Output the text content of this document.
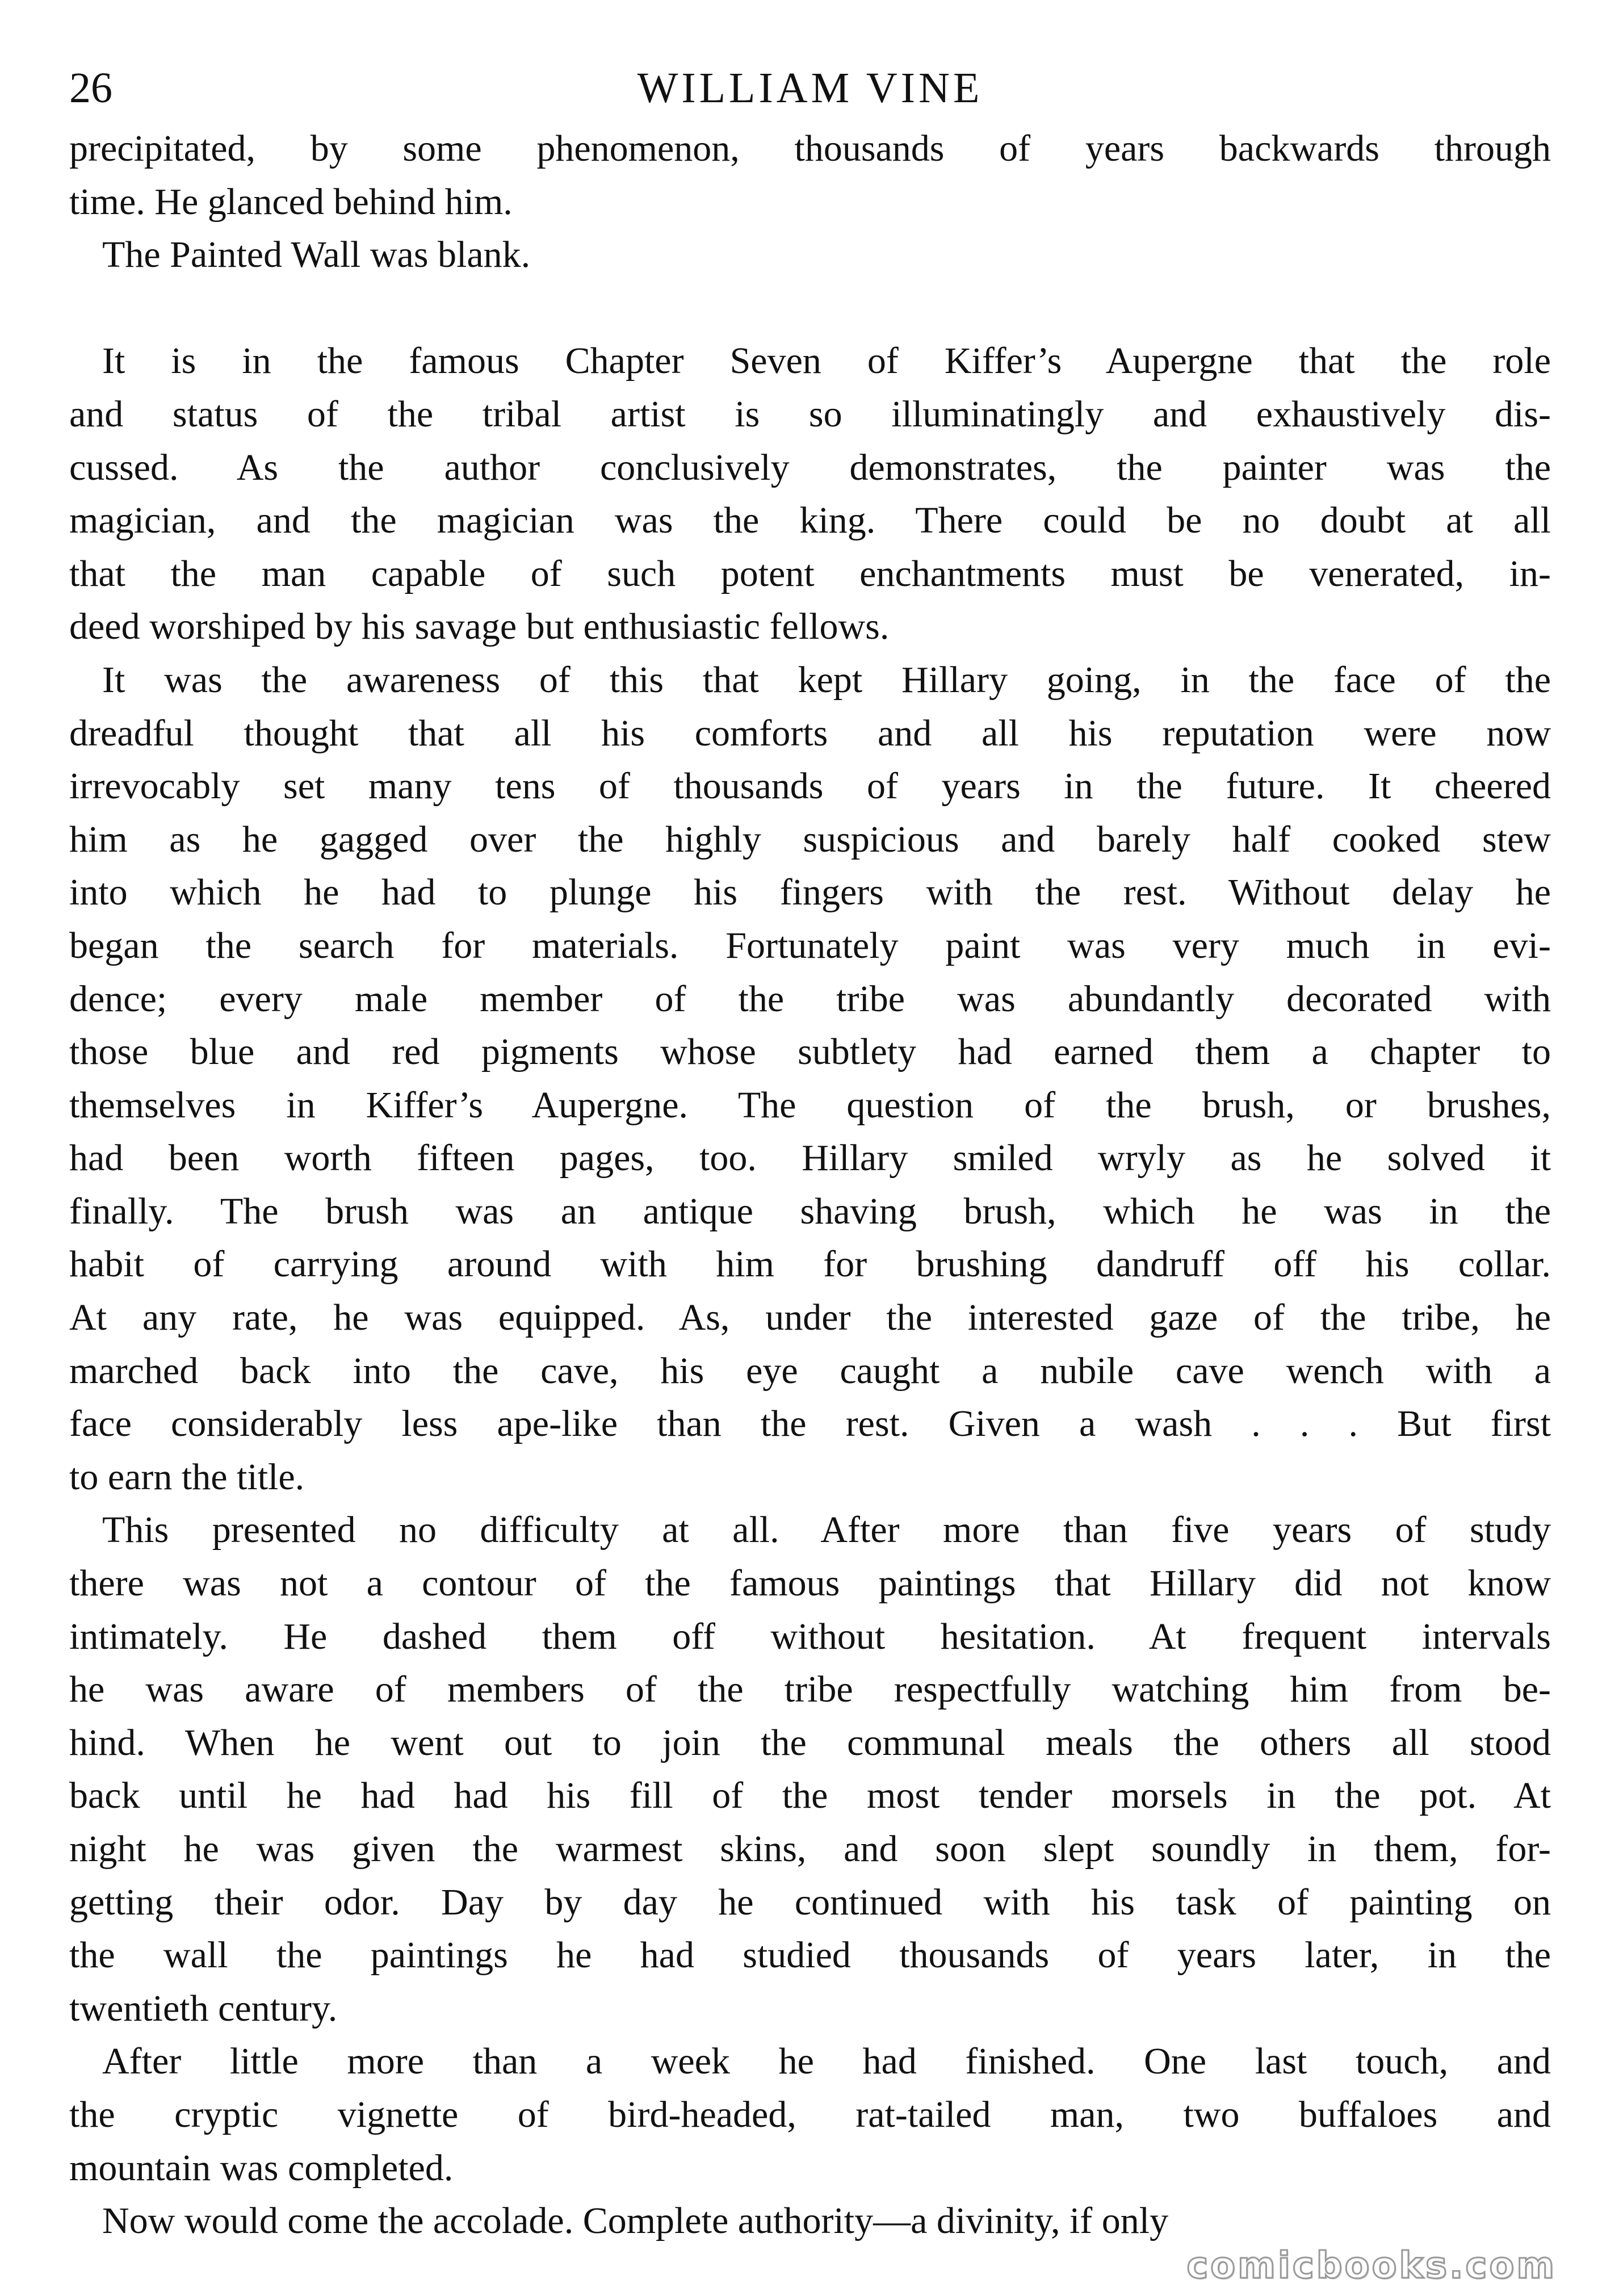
26	WILLIAM VINE
precipitated, by some phenomenon, thousands of years backwards through
time. He glanced behind him.
The Painted Wall was blank.
It is in the famous Chapter Seven of Kiffer’s Aupergne that the role
and status of the tribal artist is so illuminatingly and exhaustively dis-
cussed. As the author conclusively demonstrates, the painter was the
magician, and the magician was the king. There could be no doubt at all
that the man capable of such potent enchantments must be venerated, in-
deed worshiped by his savage but enthusiastic fellows.
It was the awareness of this that kept Hillary going, in the face of the
dreadful thought that all his comforts and all his reputation were now
irrevocably set many tens of thousands of years in the future. It cheered
him as he gagged over the highly suspicious and barely half cooked stew
into which he had to plunge his fingers with the rest. Without delay he
began the search for materials. Fortunately paint was very much in evi-
dence; every male member of the tribe was abundantly decorated with
those blue and red pigments whose subtlety had earned them a chapter to
themselves in Kiffer’s Aupergne. The question of the brush, or brushes,
had been worth fifteen pages, too. Hillary smiled wryly as he solved it
finally. The brush was an antique shaving brush, which he was in the
habit of carrying around with him for brushing dandruff off his collar.
At any rate, he was equipped. As, under the interested gaze of the tribe, he
marched back into the cave, his eye caught a nubile cave wench with a
face considerably less ape-like than the rest. Given a wash . . . But first
to earn the title.
This presented no difficulty at all. After more than five years of study
there was not a contour of the famous paintings that Hillary did not know
intimately. He dashed them off without hesitation. At frequent intervals
he was aware of members of the tribe respectfully watching him from be-
hind. When he went out to join the communal meals the others all stood
back until he had had his fill of the most tender morsels in the pot. At
night he was given the warmest skins, and soon slept soundly in them, for-
getting their odor. Day by day he continued with his task of painting on
the wall the paintings he had studied thousands of years later, in the
twentieth century.
After little more than a week he had finished. One last touch, and
the cryptic vignette of bird-headed, rat-tailed man, two buffaloes and
mountain was completed.
Now would come the accolade. Complete authority—a divinity, if only
comicbooks.com
